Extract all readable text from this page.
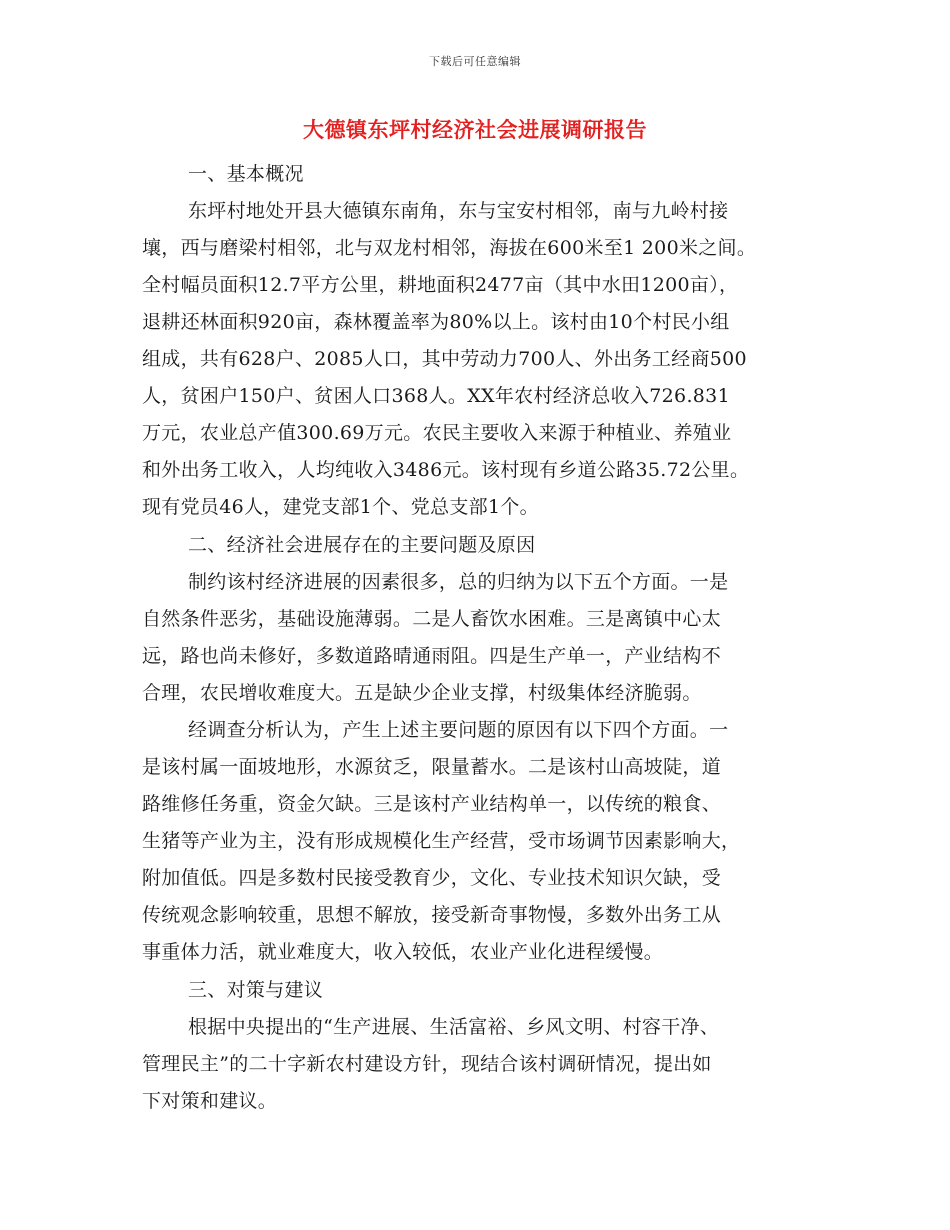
下载后可任意编辑
大德镇东坪村经济社会进展调研报告
一、基本概况
东坪村地处开县大德镇东南角，东与宝安村相邻，南与九岭村接
壤，西与磨梁村相邻，北与双龙村相邻，海拔在600米至1 200米之间。
全村幅员面积12.7平方公里，耕地面积2477亩（其中水田1200亩），
退耕还林面积920亩，森林覆盖率为80%以上。该村由10个村民小组
组成，共有628户、2085人口，其中劳动力700人、外出务工经商500
人，贫困户150户、贫困人口368人。XX年农村经济总收入726.831
万元，农业总产值300.69万元。农民主要收入来源于种植业、养殖业
和外出务工收入，人均纯收入3486元。该村现有乡道公路35.72公里。
现有党员46人，建党支部1个、党总支部1个。
二、经济社会进展存在的主要问题及原因
制约该村经济进展的因素很多，总的归纳为以下五个方面。一是
自然条件恶劣，基础设施薄弱。二是人畜饮水困难。三是离镇中心太
远，路也尚未修好，多数道路晴通雨阻。四是生产单一，产业结构不
合理，农民增收难度大。五是缺少企业支撑，村级集体经济脆弱。
经调查分析认为，产生上述主要问题的原因有以下四个方面。一
是该村属一面坡地形，水源贫乏，限量蓄水。二是该村山高坡陡，道
路维修任务重，资金欠缺。三是该村产业结构单一，以传统的粮食、
生猪等产业为主，没有形成规模化生产经营，受市场调节因素影响大，
附加值低。四是多数村民接受教育少，文化、专业技术知识欠缺，受
传统观念影响较重，思想不解放，接受新奇事物慢，多数外出务工从
事重体力活，就业难度大，收入较低，农业产业化进程缓慢。
三、对策与建议
根据中央提出的“生产进展、生活富裕、乡风文明、村容干净、
管理民主”的二十字新农村建设方针，现结合该村调研情况，提出如
下对策和建议。
